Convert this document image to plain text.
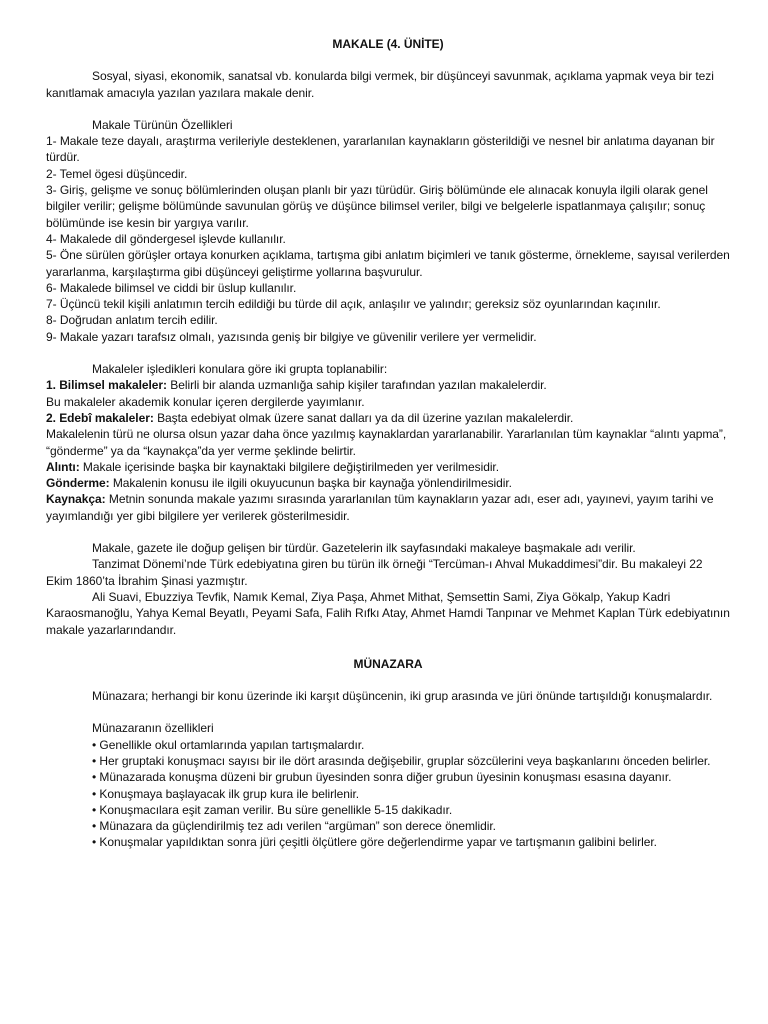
MAKALE (4. ÜNİTE)

Sosyal, siyasi, ekonomik, sanatsal vb. konularda bilgi vermek, bir düşünceyi savunmak, açıklama yapmak veya bir tezi kanıtlamak amacıyla yazılan yazılara makale denir.

Makale Türünün Özellikleri

1- Makale teze dayalı, araştırma verileriyle desteklenen, yararlanılan kaynakların gösterildiği ve nesnel bir anlatıma dayanan bir türdür.

2- Temel ögesi düşüncedir.

3- Giriş, gelişme ve sonuç bölümlerinden oluşan planlı bir yazı türüdür. Giriş bölümünde ele alınacak konuyla ilgili olarak genel bilgiler verilir; gelişme bölümünde savunulan görüş ve düşünce bilimsel veriler, bilgi ve belgelerle ispatlanmaya çalışılır; sonuç bölümünde ise kesin bir yargıya varılır.

4- Makalede dil göndergesel işlevde kullanılır.

5- Öne sürülen görüşler ortaya konurken açıklama, tartışma gibi anlatım biçimleri ve tanık gösterme, örnekleme, sayısal verilerden yararlanma, karşılaştırma gibi düşünceyi geliştirme yollarına başvurulur.

6- Makalede bilimsel ve ciddi bir üslup kullanılır.

7- Üçüncü tekil kişili anlatımın tercih edildiği bu türde dil açık, anlaşılır ve yalındır; gereksiz söz oyunlarından kaçınılır.

8- Doğrudan anlatım tercih edilir.

9- Makale yazarı tarafsız olmalı, yazısında geniş bir bilgiye ve güvenilir verilere yer vermelidir.

Makaleler işledikleri konulara göre iki grupta toplanabilir:

1. Bilimsel makaleler: Belirli bir alanda uzmanlığa sahip kişiler tarafından yazılan makalelerdir.

Bu makaleler akademik konular içeren dergilerde yayımlanır.

2. Edebî makaleler: Başta edebiyat olmak üzere sanat dalları ya da dil üzerine yazılan makalelerdir.

Makalelenin türü ne olursa olsun yazar daha önce yazılmış kaynaklardan yararlanabilir. Yararlanılan tüm kaynaklar “alıntı yapma”, “gönderme” ya da “kaynakça”da yer verme şeklinde belirtir.

Alıntı: Makale içerisinde başka bir kaynaktaki bilgilere değiştirilmeden yer verilmesidir.

Gönderme: Makalenin konusu ile ilgili okuyucunun başka bir kaynağa yönlendirilmesidir.

Kaynakça: Metnin sonunda makale yazımı sırasında yararlanılan tüm kaynakların yazar adı, eser adı, yayınevi, yayım tarihi ve yayımlandığı yer gibi bilgilere yer verilerek gösterilmesidir.

Makale, gazete ile doğup gelişen bir türdür. Gazetelerin ilk sayfasındaki makaleye başmakale adı verilir.

Tanzimat Dönemi’nde Türk edebiyatına giren bu türün ilk örneği “Tercüman-ı Ahval Mukaddimesi”dir. Bu makaleyi 22 Ekim 1860’ta İbrahim Şinasi yazmıştır.

Ali Suavi, Ebuzziya Tevfik, Namık Kemal, Ziya Paşa, Ahmet Mithat, Şemsettin Sami, Ziya Gökalp, Yakup Kadri Karaosmanoğlu, Yahya Kemal Beyatlı, Peyami Safa, Falih Rıfkı Atay, Ahmet Hamdi Tanpınar ve Mehmet Kaplan Türk edebiyatının makale yazarlarındandır.

MÜNAZARA

Münazara; herhangi bir konu üzerinde iki karşıt düşüncenin, iki grup arasında ve jüri önünde tartışıldığı konuşmalardır.

Münazaranın özellikleri

• Genellikle okul ortamlarında yapılan tartışmalardır.

• Her gruptaki konuşmacı sayısı bir ile dört arasında değişebilir, gruplar sözcülerini veya başkanlarını önceden belirler.

• Münazarada konuşma düzeni bir grubun üyesinden sonra diğer grubun üyesinin konuşması esasına dayanır.

• Konuşmaya başlayacak ilk grup kura ile belirlenir.

• Konuşmacılara eşit zaman verilir. Bu süre genellikle 5-15 dakikadır.

• Münazara da güçlendirilmiş tez adı verilen “argüman” son derece önemlidir.

• Konuşmalar yapıldıktan sonra jüri çeşitli ölçütlere göre değerlendirme yapar ve tartışmanın galibini belirler.
